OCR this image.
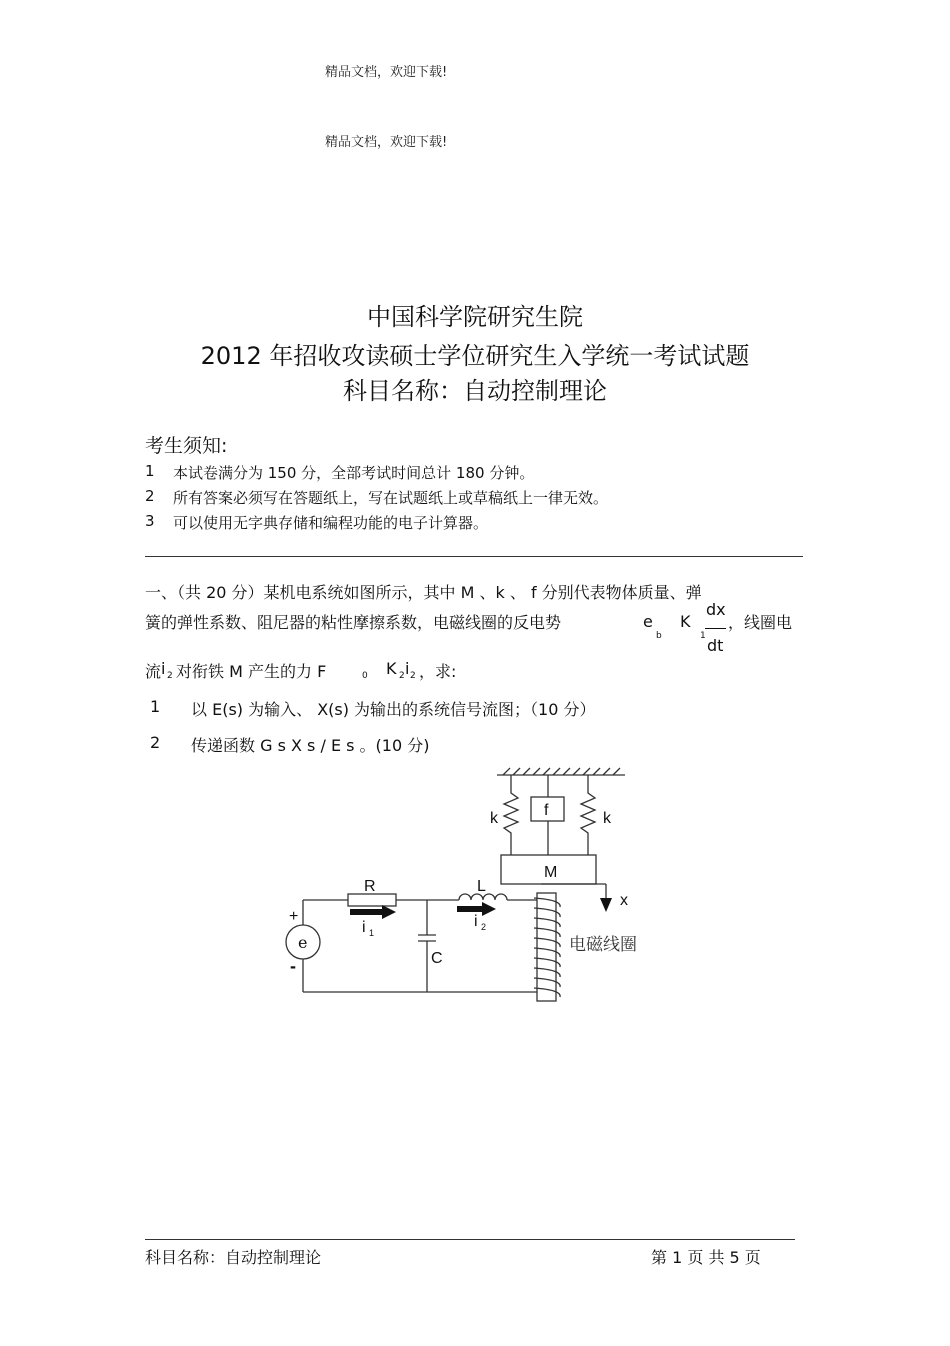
精品文档，欢迎下载!
精品文档，欢迎下载!
中国科学院研究生院
2012 年招收攻读硕士学位研究生入学统一考试试题
科目名称：自动控制理论
考生须知:
1 本试卷满分为 150 分，全部考试时间总计 180 分钟。
2 所有答案必须写在答题纸上，写在试题纸上或草稿纸上一律无效。
3 可以使用无字典存储和编程功能的电子计算器。
一、（共 20 分）某机电系统如图所示，其中 M 、k 、 f 分别代表物体质量、弹
簧的弹性系数、阻尼器的粘性摩擦系数，电磁线圈的反电势	e
b
K
1
dx
dt
，线圈电
流 i 2 对衔铁 M 产生的力 F	0 K 2 i 2 ，求:
1 以 E(s) 为输入、 X(s) 为输出的系统信号流图；（10 分）
2 传递函数 G s X s / E s 。(10 分)
k	k
f
M
x
R	L
C
i 1
i 2
e
+
-
电磁线圈
科目名称：自动控制理论	第 1 页 共 5 页
